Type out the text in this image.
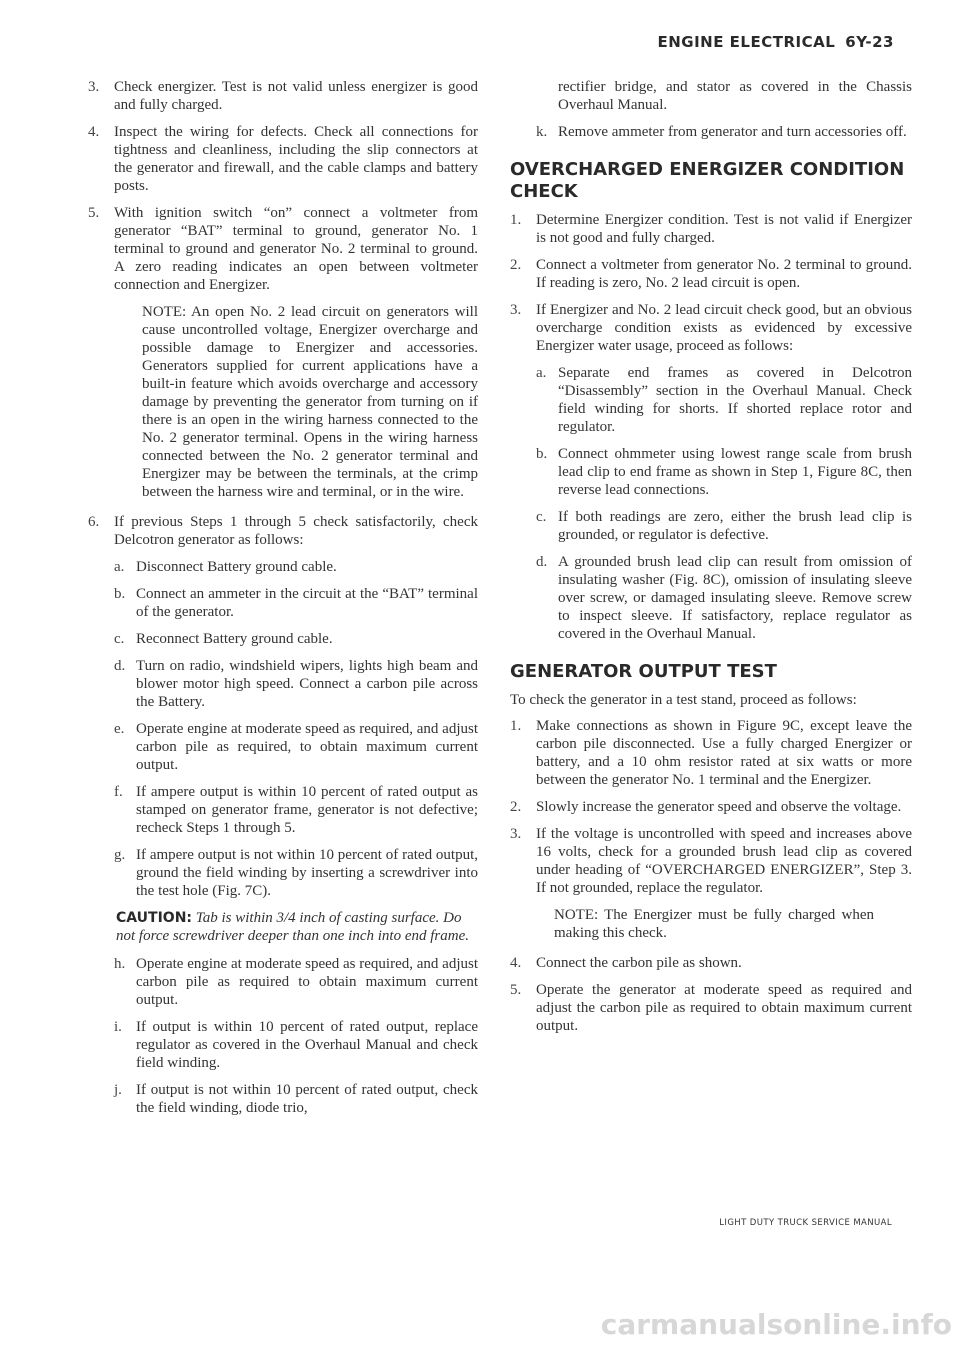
ENGINE ELECTRICAL 6Y-23
3. Check energizer. Test is not valid unless energizer is good and fully charged.
4. Inspect the wiring for defects. Check all connections for tightness and cleanliness, including the slip connectors at the generator and firewall, and the cable clamps and battery posts.
5. With ignition switch “on” connect a voltmeter from generator “BAT” terminal to ground, generator No. 1 terminal to ground and generator No. 2 terminal to ground. A zero reading indicates an open between voltmeter connection and Energizer.
NOTE: An open No. 2 lead circuit on generators will cause uncontrolled voltage, Energizer overcharge and possible damage to Energizer and accessories. Generators supplied for current applications have a built-in feature which avoids overcharge and accessory damage by preventing the generator from turning on if there is an open in the wiring harness connected to the No. 2 generator terminal. Opens in the wiring harness connected between the No. 2 generator terminal and Energizer may be between the terminals, at the crimp between the harness wire and terminal, or in the wire.
6. If previous Steps 1 through 5 check satisfactorily, check Delcotron generator as follows:
a. Disconnect Battery ground cable.
b. Connect an ammeter in the circuit at the “BAT” terminal of the generator.
c. Reconnect Battery ground cable.
d. Turn on radio, windshield wipers, lights high beam and blower motor high speed. Connect a carbon pile across the Battery.
e. Operate engine at moderate speed as required, and adjust carbon pile as required, to obtain maximum current output.
f. If ampere output is within 10 percent of rated output as stamped on generator frame, generator is not defective; recheck Steps 1 through 5.
g. If ampere output is not within 10 percent of rated output, ground the field winding by inserting a screwdriver into the test hole (Fig. 7C).
CAUTION: Tab is within 3/4 inch of casting surface. Do not force screwdriver deeper than one inch into end frame.
h. Operate engine at moderate speed as required, and adjust carbon pile as required to obtain maximum current output.
i. If output is within 10 percent of rated output, replace regulator as covered in the Overhaul Manual and check field winding.
j. If output is not within 10 percent of rated output, check the field winding, diode trio,
rectifier bridge, and stator as covered in the Chassis Overhaul Manual.
k. Remove ammeter from generator and turn accessories off.
OVERCHARGED ENERGIZER CONDITION CHECK
1. Determine Energizer condition. Test is not valid if Energizer is not good and fully charged.
2. Connect a voltmeter from generator No. 2 terminal to ground. If reading is zero, No. 2 lead circuit is open.
3. If Energizer and No. 2 lead circuit check good, but an obvious overcharge condition exists as evidenced by excessive Energizer water usage, proceed as follows:
a. Separate end frames as covered in Delcotron “Disassembly” section in the Overhaul Manual. Check field winding for shorts. If shorted replace rotor and regulator.
b. Connect ohmmeter using lowest range scale from brush lead clip to end frame as shown in Step 1, Figure 8C, then reverse lead connections.
c. If both readings are zero, either the brush lead clip is grounded, or regulator is defective.
d. A grounded brush lead clip can result from omission of insulating washer (Fig. 8C), omission of insulating sleeve over screw, or damaged insulating sleeve. Remove screw to inspect sleeve. If satisfactory, replace regulator as covered in the Overhaul Manual.
GENERATOR OUTPUT TEST
To check the generator in a test stand, proceed as follows:
1. Make connections as shown in Figure 9C, except leave the carbon pile disconnected. Use a fully charged Energizer or battery, and a 10 ohm resistor rated at six watts or more between the generator No. 1 terminal and the Energizer.
2. Slowly increase the generator speed and observe the voltage.
3. If the voltage is uncontrolled with speed and increases above 16 volts, check for a grounded brush lead clip as covered under heading of “OVERCHARGED ENERGIZER”, Step 3. If not grounded, replace the regulator.
NOTE: The Energizer must be fully charged when making this check.
4. Connect the carbon pile as shown.
5. Operate the generator at moderate speed as required and adjust the carbon pile as required to obtain maximum current output.
LIGHT DUTY TRUCK SERVICE MANUAL
carmanualsonline.info
